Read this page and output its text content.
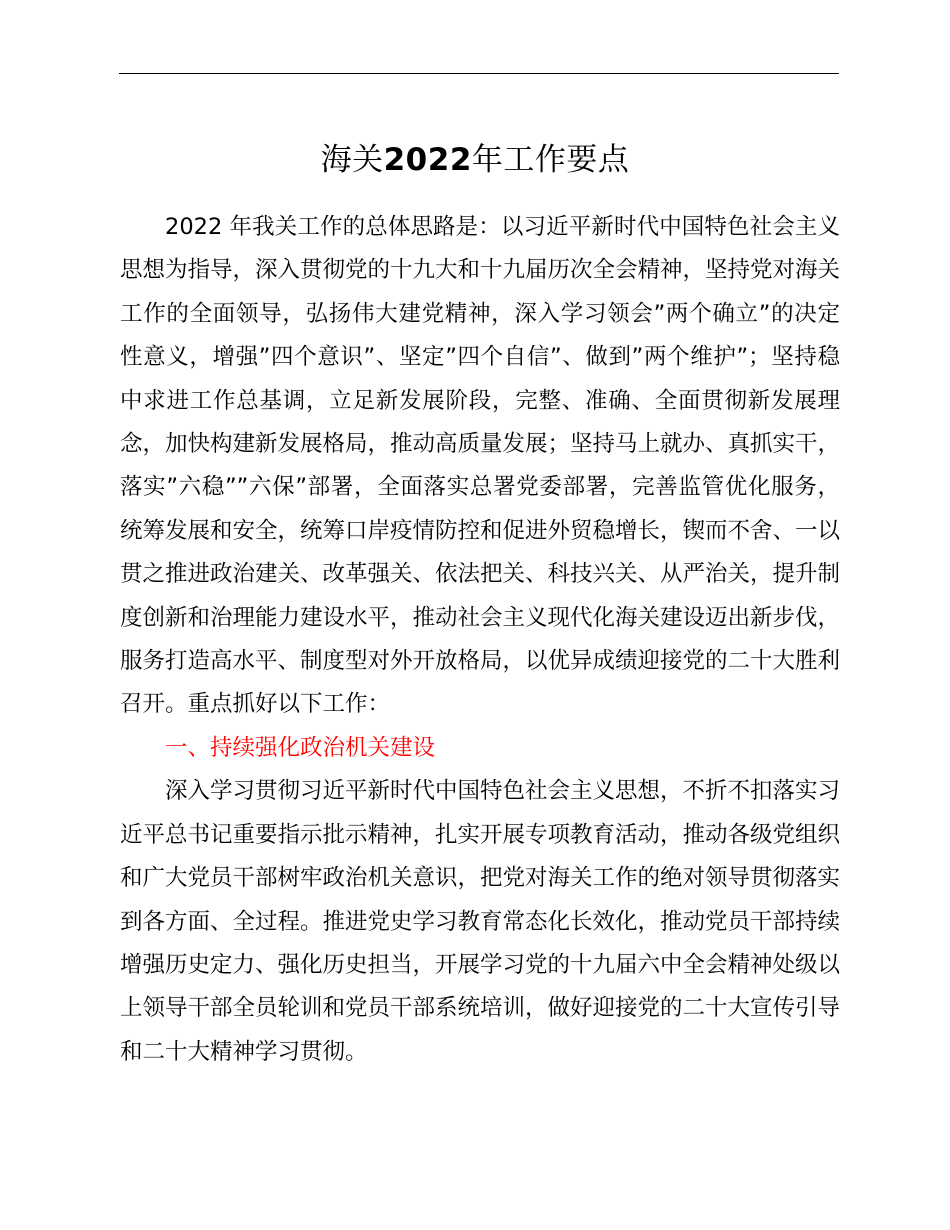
海关2022年工作要点

2022 年我关工作的总体思路是：以习近平新时代中国特色社会主义思想为指导，深入贯彻党的十九大和十九届历次全会精神，坚持党对海关工作的全面领导，弘扬伟大建党精神，深入学习领会”两个确立”的决定性意义，增强”四个意识”、坚定”四个自信”、做到”两个维护”；坚持稳中求进工作总基调，立足新发展阶段，完整、准确、全面贯彻新发展理念，加快构建新发展格局，推动高质量发展；坚持马上就办、真抓实干，落实”六稳””六保”部署，全面落实总署党委部署，完善监管优化服务，统筹发展和安全，统筹口岸疫情防控和促进外贸稳增长，锲而不舍、一以贯之推进政治建关、改革强关、依法把关、科技兴关、从严治关，提升制度创新和治理能力建设水平，推动社会主义现代化海关建设迈出新步伐，服务打造高水平、制度型对外开放格局，以优异成绩迎接党的二十大胜利召开。重点抓好以下工作：

一、持续强化政治机关建设

深入学习贯彻习近平新时代中国特色社会主义思想，不折不扣落实习近平总书记重要指示批示精神，扎实开展专项教育活动，推动各级党组织和广大党员干部树牢政治机关意识，把党对海关工作的绝对领导贯彻落实到各方面、全过程。推进党史学习教育常态化长效化，推动党员干部持续增强历史定力、强化历史担当，开展学习党的十九届六中全会精神处级以上领导干部全员轮训和党员干部系统培训，做好迎接党的二十大宣传引导和二十大精神学习贯彻。
